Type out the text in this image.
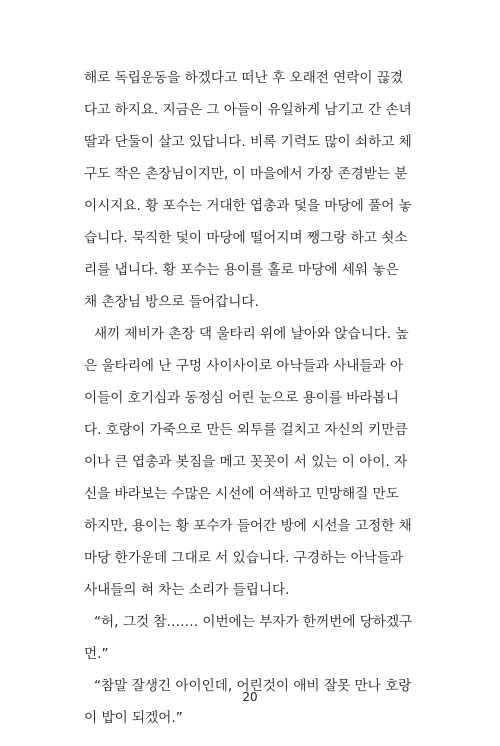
해로 독립운동을 하겠다고 떠난 후 오래전 연락이 끊겼
다고 하지요. 지금은 그 아들이 유일하게 남기고 간 손녀
딸과 단둘이 살고 있답니다. 비록 기력도 많이 쇠하고 체
구도 작은 촌장님이지만, 이 마을에서 가장 존경받는 분
이시지요. 황 포수는 거대한 엽총과 덫을 마당에 풀어 놓
습니다. 묵직한 덫이 마당에 떨어지며 쨍그랑 하고 쇳소
리를 냅니다. 황 포수는 용이를 홀로 마당에 세워 놓은
채 촌장님 방으로 들어갑니다.
새끼 제비가 촌장 댁 울타리 위에 날아와 앉습니다. 높
은 울타리에 난 구멍 사이사이로 아낙들과 사내들과 아
이들이 호기심과 동정심 어린 눈으로 용이를 바라봅니
다. 호랑이 가죽으로 만든 외투를 걸치고 자신의 키만큼
이나 큰 엽총과 봇짐을 메고 꼿꼿이 서 있는 이 아이. 자
신을 바라보는 수많은 시선에 어색하고 민망해질 만도
하지만, 용이는 황 포수가 들어간 방에 시선을 고정한 채
마당 한가운데 그대로 서 있습니다. 구경하는 아낙들과
사내들의 혀 차는 소리가 들립니다.
“허, 그것 참……. 이번에는 부자가 한꺼번에 당하겠구
먼.”
“참말 잘생긴 아이인데, 어린것이 애비 잘못 만나 호랑
이 밥이 되겠어.”
20
